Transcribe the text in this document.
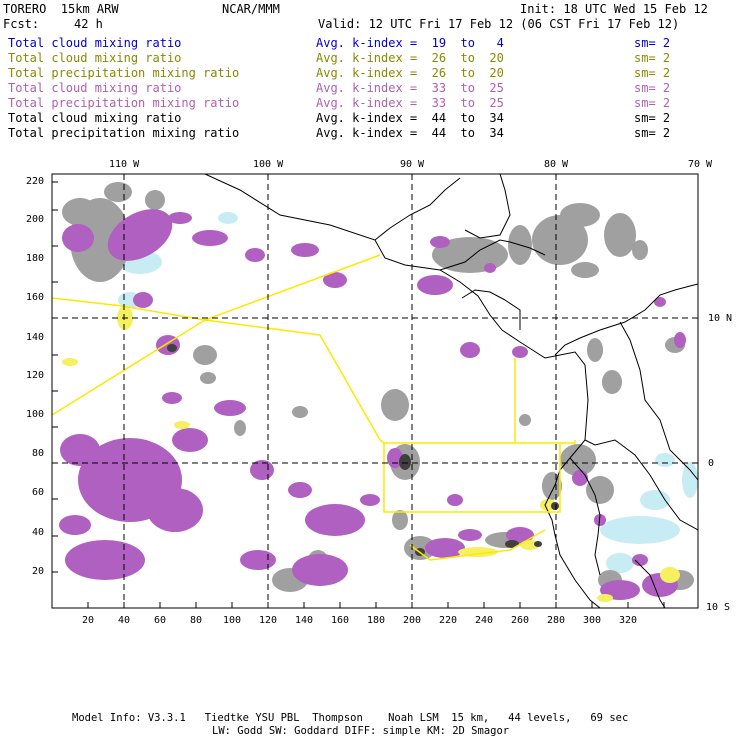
TORERO  15km ARW	NCAR/MMM	Init: 18 UTC Wed 15 Feb 12
Fcst:	42 h	Valid: 12 UTC Fri 17 Feb 12 (06 CST Fri 17 Feb 12)
Total cloud mixing ratio	Avg. k-index =  19  to   4	sm= 2
Total cloud mixing ratio	Avg. k-index =  26  to  20	sm= 2
Total precipitation mixing ratio	Avg. k-index =  26  to  20	sm= 2
Total cloud mixing ratio	Avg. k-index =  33  to  25	sm= 2
Total precipitation mixing ratio	Avg. k-index =  33  to  25	sm= 2
Total cloud mixing ratio	Avg. k-index =  44  to  34	sm= 2
Total precipitation mixing ratio	Avg. k-index =  44  to  34	sm= 2
110 W	100 W	90 W	80 W	70 W
10 N
0
10 S
220
200
180
160
140
120
100
80
60
40
20
20 40 60 80 100 120 140 160 180 200 220 240 260 280 300 320
Model Info: V3.3.1   Tiedtke YSU PBL  Thompson    Noah LSM  15 km,   44 levels,   69 sec
LW: Godd SW: Goddard DIFF: simple KM: 2D Smagor
